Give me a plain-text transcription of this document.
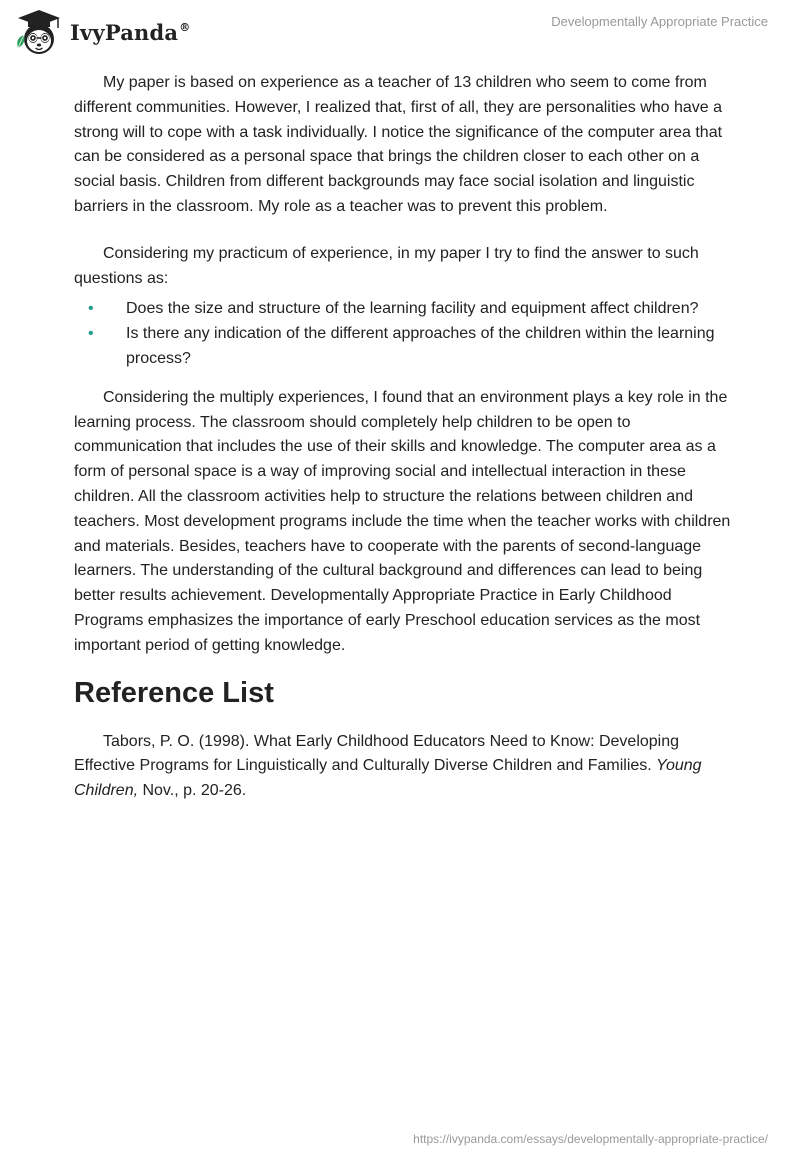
IvyPanda®	Developmentally Appropriate Practice

My paper is based on experience as a teacher of 13 children who seem to come from different communities. However, I realized that, first of all, they are personalities who have a strong will to cope with a task individually. I notice the significance of the computer area that can be considered as a personal space that brings the children closer to each other on a social basis. Children from different backgrounds may face social isolation and linguistic barriers in the classroom. My role as a teacher was to prevent this problem.

Considering my practicum of experience, in my paper I try to find the answer to such questions as:

• Does the size and structure of the learning facility and equipment affect children?
• Is there any indication of the different approaches of the children within the learning process?

Considering the multiply experiences, I found that an environment plays a key role in the learning process. The classroom should completely help children to be open to communication that includes the use of their skills and knowledge. The computer area as a form of personal space is a way of improving social and intellectual interaction in these children. All the classroom activities help to structure the relations between children and teachers. Most development programs include the time when the teacher works with children and materials. Besides, teachers have to cooperate with the parents of second-language learners. The understanding of the cultural background and differences can lead to being better results achievement. Developmentally Appropriate Practice in Early Childhood Programs emphasizes the importance of early Preschool education services as the most important period of getting knowledge.

Reference List

Tabors, P. O. (1998). What Early Childhood Educators Need to Know: Developing Effective Programs for Linguistically and Culturally Diverse Children and Families. Young Children, Nov., p. 20-26.

https://ivypanda.com/essays/developmentally-appropriate-practice/
